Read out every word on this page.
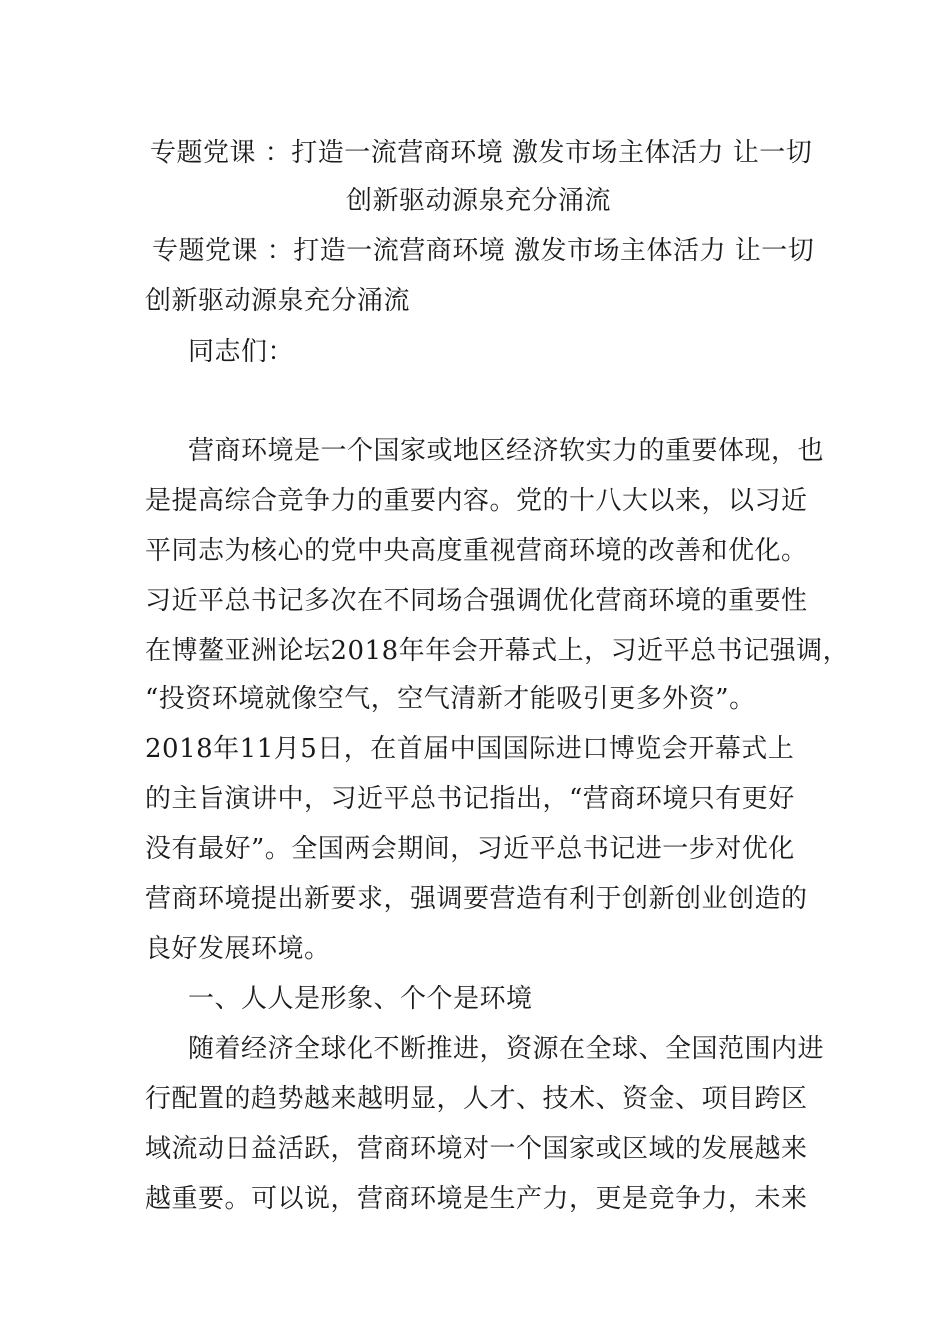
专题党课 ：打造一流营商环境 激发市场主体活力 让一切
创新驱动源泉充分涌流
专题党课 ：打造一流营商环境 激发市场主体活力 让一切
创新驱动源泉充分涌流
同志们：
营商环境是一个国家或地区经济软实力的重要体现，也
是提高综合竞争力的重要内容。党的十八大以来，以习近
平同志为核心的党中央高度重视营商环境的改善和优化。
习近平总书记多次在不同场合强调优化营商环境的重要性
在博鳌亚洲论坛2018年年会开幕式上，习近平总书记强调，
“投资环境就像空气，空气清新才能吸引更多外资”。
2018年11月5日，在首届中国国际进口博览会开幕式上
的主旨演讲中，习近平总书记指出，“营商环境只有更好
没有最好”。全国两会期间，习近平总书记进一步对优化
营商环境提出新要求，强调要营造有利于创新创业创造的
良好发展环境。
一、人人是形象、个个是环境
随着经济全球化不断推进，资源在全球、全国范围内进
行配置的趋势越来越明显，人才、技术、资金、项目跨区
域流动日益活跃，营商环境对一个国家或区域的发展越来
越重要。可以说，营商环境是生产力，更是竞争力，未来
